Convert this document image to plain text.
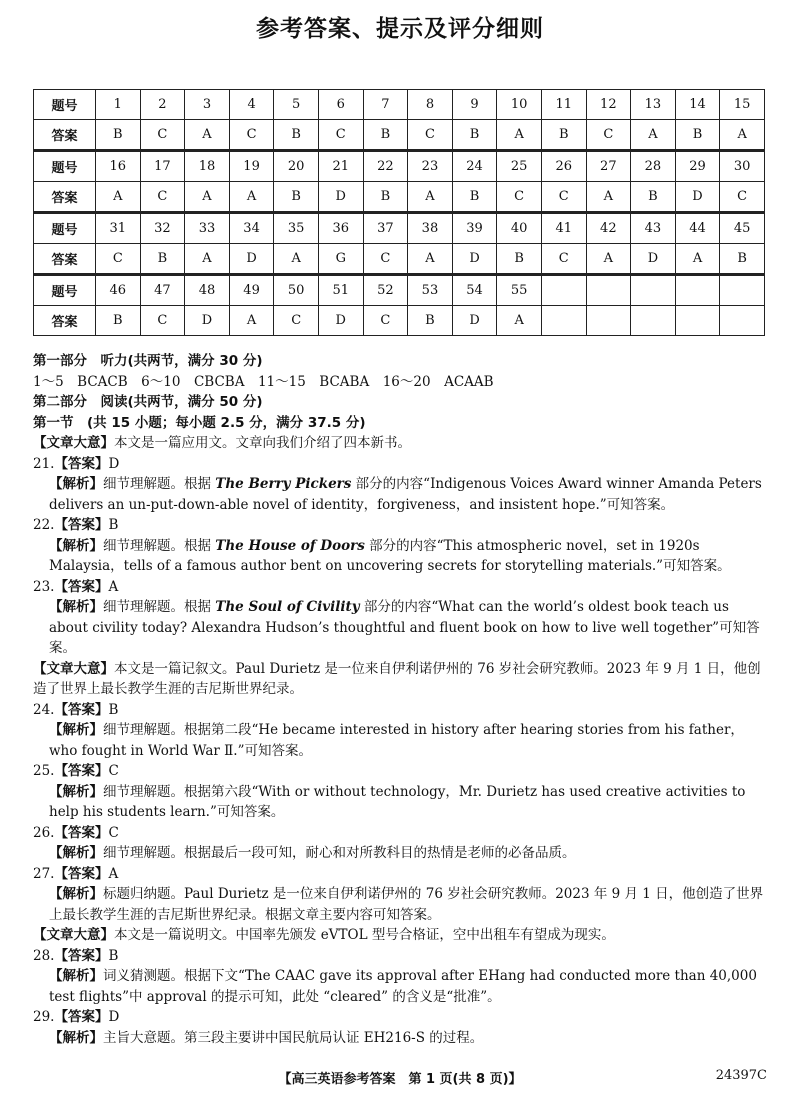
参考答案、提示及评分细则
题号	1	2	3	4	5	6	7	8	9	10	11	12	13	14	15
答案	B	C	A	C	B	C	B	C	B	A	B	C	A	B	A
题号	16	17	18	19	20	21	22	23	24	25	26	27	28	29	30
答案	A	C	A	A	B	D	B	A	B	C	C	A	B	D	C
题号	31	32	33	34	35	36	37	38	39	40	41	42	43	44	45
答案	C	B	A	D	A	G	C	A	D	B	C	A	D	A	B
题号	46	47	48	49	50	51	52	53	54	55					
答案	B	C	D	A	C	D	C	B	D	A					
第一部分　听力(共两节，满分 30 分)
1～5　BCACB　6～10　CBCBA　11～15　BCABA　16～20　ACAAB
第二部分　阅读(共两节，满分 50 分)
第一节　(共 15 小题；每小题 2.5 分，满分 37.5 分)
【文章大意】本文是一篇应用文。文章向我们介绍了四本新书。
21.【答案】D
【解析】细节理解题。根据 The Berry Pickers 部分的内容“Indigenous Voices Award winner Amanda Peters delivers an un-put-down-able novel of identity，forgiveness，and insistent hope.”可知答案。
22.【答案】B
【解析】细节理解题。根据 The House of Doors 部分的内容“This atmospheric novel，set in 1920s Malaysia，tells of a famous author bent on uncovering secrets for storytelling materials.”可知答案。
23.【答案】A
【解析】细节理解题。根据 The Soul of Civility 部分的内容“What can the world’s oldest book teach us about civility today? Alexandra Hudson’s thoughtful and fluent book on how to live well together”可知答案。
【文章大意】本文是一篇记叙文。Paul Durietz 是一位来自伊利诺伊州的 76 岁社会研究教师。2023 年 9 月 1 日，他创造了世界上最长教学生涯的吉尼斯世界纪录。
24.【答案】B
【解析】细节理解题。根据第二段“He became interested in history after hearing stories from his father，who fought in World War Ⅱ.”可知答案。
25.【答案】C
【解析】细节理解题。根据第六段“With or without technology，Mr. Durietz has used creative activities to help his students learn.”可知答案。
26.【答案】C
【解析】细节理解题。根据最后一段可知，耐心和对所教科目的热情是老师的必备品质。
27.【答案】A
【解析】标题归纳题。Paul Durietz 是一位来自伊利诺伊州的 76 岁社会研究教师。2023 年 9 月 1 日，他创造了世界上最长教学生涯的吉尼斯世界纪录。根据文章主要内容可知答案。
【文章大意】本文是一篇说明文。中国率先颁发 eVTOL 型号合格证，空中出租车有望成为现实。
28.【答案】B
【解析】词义猜测题。根据下文“The CAAC gave its approval after EHang had conducted more than 40,000 test flights”中 approval 的提示可知，此处 “cleared” 的含义是“批准”。
29.【答案】D
【解析】主旨大意题。第三段主要讲中国民航局认证 EH216-S 的过程。
【高三英语参考答案　第 1 页(共 8 页)】	24397C
